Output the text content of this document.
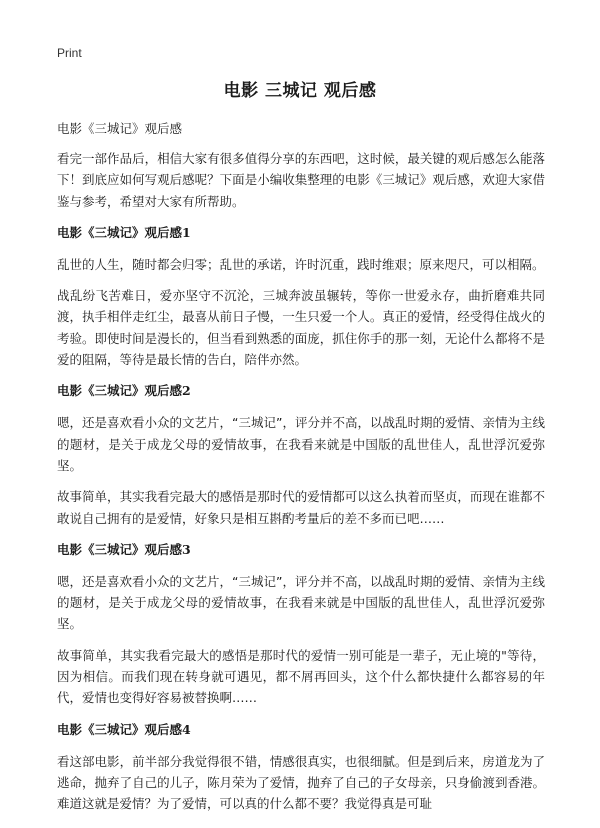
Print
电影 三城记 观后感

电影《三城记》观后感

看完一部作品后，相信大家有很多值得分享的东西吧，这时候，最关键的观后感怎么能落下！到底应如何写观后感呢？下面是小编收集整理的电影《三城记》观后感，欢迎大家借鉴与参考，希望对大家有所帮助。

电影《三城记》观后感1

乱世的人生，随时都会归零；乱世的承诺，许时沉重，践时维艰；原来咫尺，可以相隔。

战乱纷飞苦难日，爱亦坚守不沉沦，三城奔波虽辗转，等你一世爱永存，曲折磨难共同渡，执手相伴走红尘，最喜从前日子慢，一生只爱一个人。真正的爱情，经受得住战火的考验。即使时间是漫长的，但当看到熟悉的面庞，抓住你手的那一刻，无论什么都将不是爱的阻隔，等待是最长情的告白，陪伴亦然。

电影《三城记》观后感2

嗯，还是喜欢看小众的文艺片，“三城记”，评分并不高，以战乱时期的爱情、亲情为主线的题材，是关于成龙父母的爱情故事，在我看来就是中国版的乱世佳人，乱世浮沉爱弥坚。

故事简单，其实我看完最大的感悟是那时代的爱情都可以这么执着而坚贞，而现在谁都不敢说自己拥有的是爱情，好象只是相互斟酌考量后的差不多而已吧……

电影《三城记》观后感3

嗯，还是喜欢看小众的文艺片，“三城记”，评分并不高，以战乱时期的爱情、亲情为主线的题材，是关于成龙父母的爱情故事，在我看来就是中国版的乱世佳人，乱世浮沉爱弥坚。

故事简单，其实我看完最大的感悟是那时代的爱情一别可能是一辈子，无止境的"等待，因为相信。而我们现在转身就可遇见，都不屑再回头，这个什么都快捷什么都容易的年代，爱情也变得好容易被替换啊……

电影《三城记》观后感4

看这部电影，前半部分我觉得很不错，情感很真实，也很细腻。但是到后来，房道龙为了逃命，抛弃了自己的儿子，陈月荣为了爱情，抛弃了自己的子女母亲，只身偷渡到香港。难道这就是爱情？为了爱情，可以真的什么都不要？我觉得真是可耻
